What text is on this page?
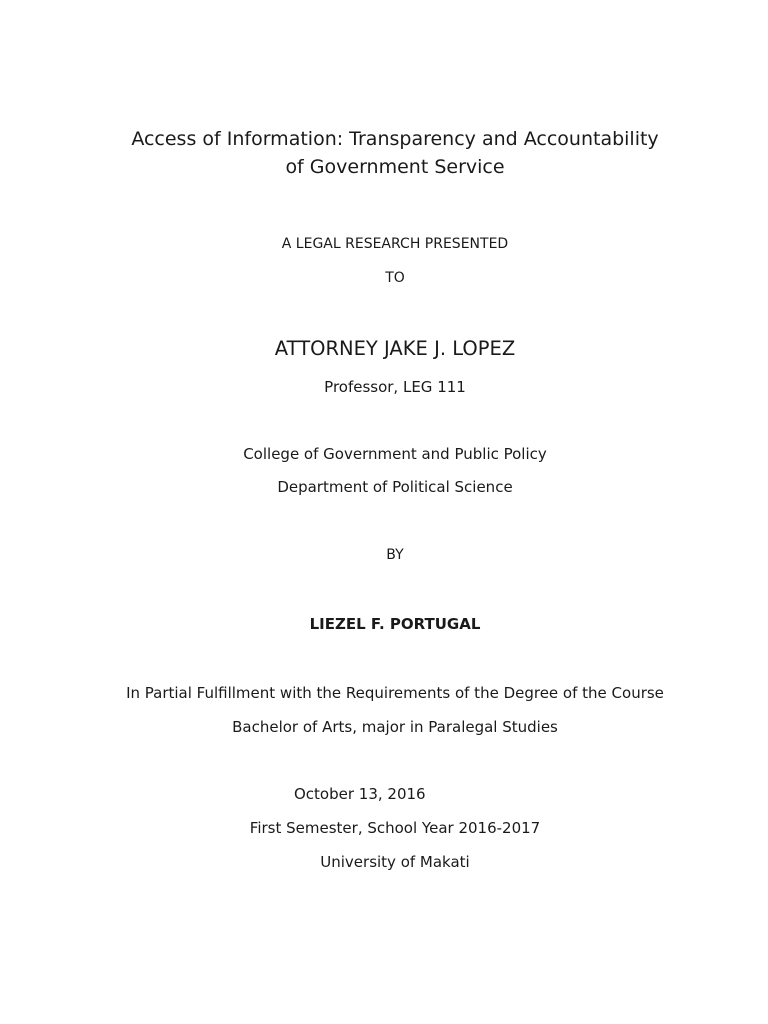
Access of Information: Transparency and Accountability
of Government Service
A LEGAL RESEARCH PRESENTED
TO
ATTORNEY JAKE J. LOPEZ
Professor, LEG 111
College of Government and Public Policy
Department of Political Science
BY
LIEZEL F. PORTUGAL
In Partial Fulfillment with the Requirements of the Degree of the Course
Bachelor of Arts, major in Paralegal Studies
October 13, 2016
First Semester, School Year 2016-2017
University of Makati
